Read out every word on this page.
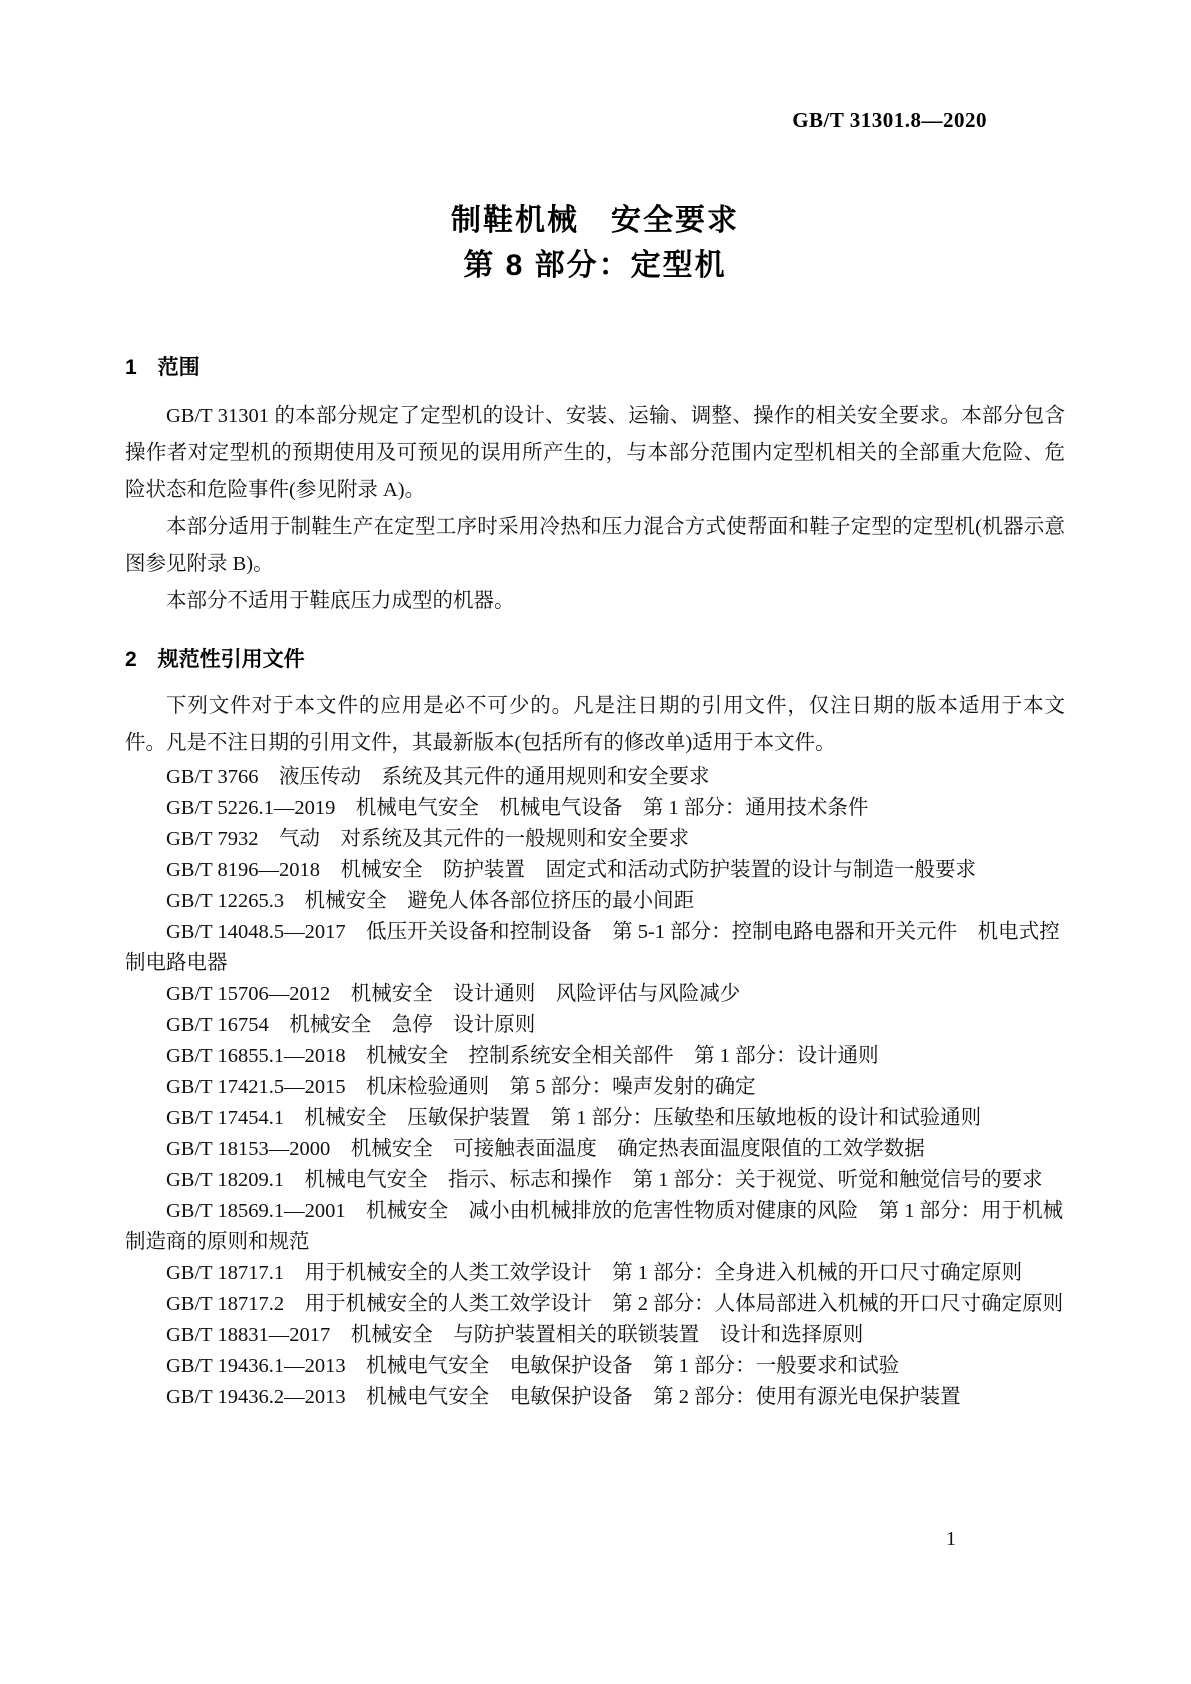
GB/T 31301.8—2020
制鞋机械　安全要求
第 8 部分：定型机
1　范围

GB/T 31301 的本部分规定了定型机的设计、安装、运输、调整、操作的相关安全要求。本部分包含操作者对定型机的预期使用及可预见的误用所产生的，与本部分范围内定型机相关的全部重大危险、危险状态和危险事件(参见附录 A)。

本部分适用于制鞋生产在定型工序时采用冷热和压力混合方式使帮面和鞋子定型的定型机(机器示意图参见附录 B)。

本部分不适用于鞋底压力成型的机器。

2　规范性引用文件

下列文件对于本文件的应用是必不可少的。凡是注日期的引用文件，仅注日期的版本适用于本文件。凡是不注日期的引用文件，其最新版本(包括所有的修改单)适用于本文件。

GB/T 3766　液压传动　系统及其元件的通用规则和安全要求

GB/T 5226.1—2019　机械电气安全　机械电气设备　第 1 部分：通用技术条件

GB/T 7932　气动　对系统及其元件的一般规则和安全要求

GB/T 8196—2018　机械安全　防护装置　固定式和活动式防护装置的设计与制造一般要求

GB/T 12265.3　机械安全　避免人体各部位挤压的最小间距

GB/T 14048.5—2017　低压开关设备和控制设备　第 5-1 部分：控制电路电器和开关元件　机电式控制电路电器

GB/T 15706—2012　机械安全　设计通则　风险评估与风险减少

GB/T 16754　机械安全　急停　设计原则

GB/T 16855.1—2018　机械安全　控制系统安全相关部件　第 1 部分：设计通则

GB/T 17421.5—2015　机床检验通则　第 5 部分：噪声发射的确定

GB/T 17454.1　机械安全　压敏保护装置　第 1 部分：压敏垫和压敏地板的设计和试验通则

GB/T 18153—2000　机械安全　可接触表面温度　确定热表面温度限值的工效学数据

GB/T 18209.1　机械电气安全　指示、标志和操作　第 1 部分：关于视觉、听觉和触觉信号的要求

GB/T 18569.1—2001　机械安全　减小由机械排放的危害性物质对健康的风险　第 1 部分：用于机械制造商的原则和规范

GB/T 18717.1　用于机械安全的人类工效学设计　第 1 部分：全身进入机械的开口尺寸确定原则

GB/T 18717.2　用于机械安全的人类工效学设计　第 2 部分：人体局部进入机械的开口尺寸确定原则

GB/T 18831—2017　机械安全　与防护装置相关的联锁装置　设计和选择原则

GB/T 19436.1—2013　机械电气安全　电敏保护设备　第 1 部分：一般要求和试验

GB/T 19436.2—2013　机械电气安全　电敏保护设备　第 2 部分：使用有源光电保护装置

1
